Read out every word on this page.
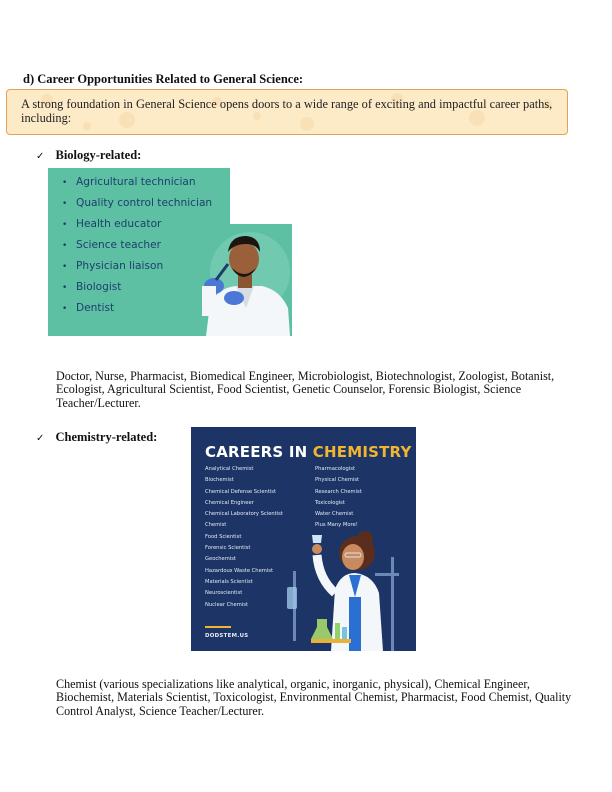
d) Career Opportunities Related to General Science:
A strong foundation in General Science opens doors to a wide range of exciting and impactful career paths, including:
✓ Biology-related:
• Agricultural technician
• Quality control technician
• Health educator
• Science teacher
• Physician liaison
• Biologist
• Dentist
Doctor, Nurse, Pharmacist, Biomedical Engineer, Microbiologist, Biotechnologist, Zoologist, Botanist, Ecologist, Agricultural Scientist, Food Scientist, Genetic Counselor, Forensic Biologist, Science Teacher/Lecturer.
✓ Chemistry-related:
CAREERS IN CHEMISTRY
Analytical Chemist
Biochemist
Chemical Defense Scientist
Chemical Engineer
Chemical Laboratory Scientist
Chemist
Food Scientist
Forensic Scientist
Geochemist
Hazardous Waste Chemist
Materials Scientist
Neuroscientist
Nuclear Chemist
Pharmacologist
Physical Chemist
Research Chemist
Toxicologist
Water Chemist
Plus Many More!
DODSTEM.US
Chemist (various specializations like analytical, organic, inorganic, physical), Chemical Engineer, Biochemist, Materials Scientist, Toxicologist, Environmental Chemist, Pharmacist, Food Chemist, Quality Control Analyst, Science Teacher/Lecturer.
